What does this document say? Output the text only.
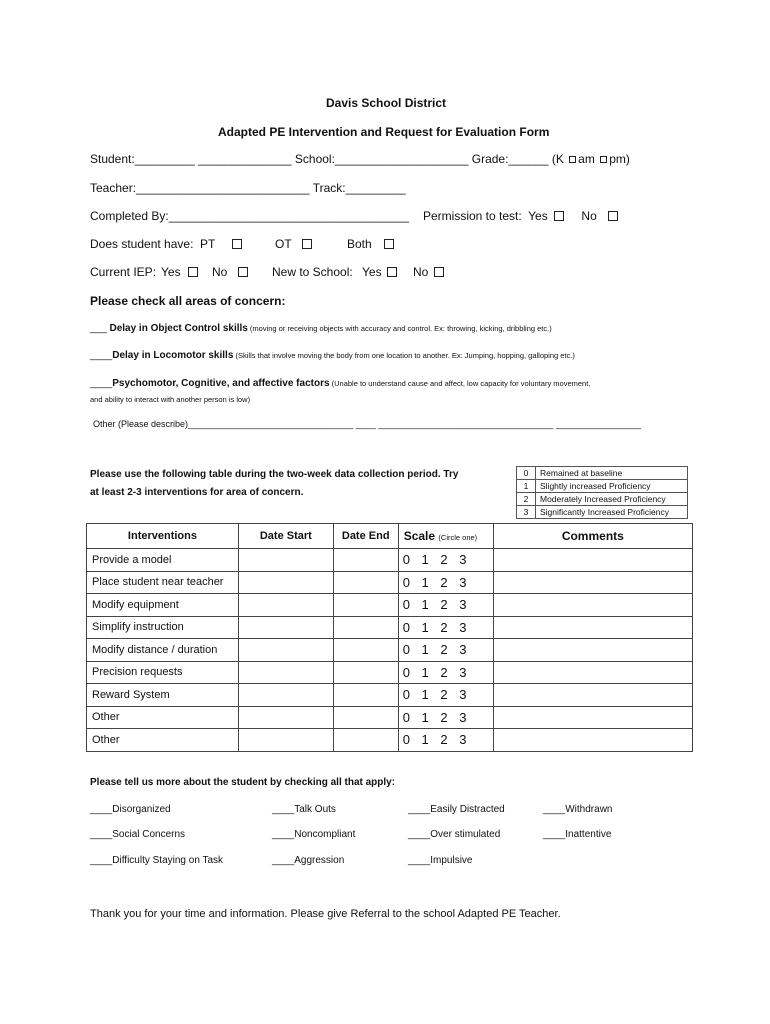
Davis School District
Adapted PE Intervention and Request for Evaluation Form
Student:_________ ______________ School:____________________ Grade:______ (K am pm)
Teacher:__________________________ Track:_________
Completed By:____________________________________ Permission to test: Yes	No
Does student have: PT	OT	Both
Current IEP: Yes	No	New to School: Yes	No
Please check all areas of concern:
___ Delay in Object Control skills (moving or receiving objects with accuracy and control. Ex: throwing, kicking, dribbling etc.)
____Delay in Locomotor skills (Skills that involve moving the body from one location to another. Ex: Jumping, hopping, galloping etc.)
____Psychomotor, Cognitive, and affective factors (Unable to understand cause and affect, low capacity for voluntary movement,
and ability to interact with another person is low)
Other (Please describe)_________________________________ ____ ___________________________________ _________________
Please use the following table during the two-week data collection period. Try
at least 2-3 interventions for area of concern.
0	Remained at baseline
1	Slightly increased Proficiency
2	Moderately Increased Proficiency
3	Significantly Increased Proficiency
Interventions	Date Start	Date End	Scale (Circle one)	Comments
Provide a model			0 1 2 3	
Place student near teacher			0 1 2 3	
Modify equipment			0 1 2 3	
Simplify instruction			0 1 2 3	
Modify distance / duration			0 1 2 3	
Precision requests			0 1 2 3	
Reward System			0 1 2 3	
Other			0 1 2 3	
Other			0 1 2 3	
Please tell us more about the student by checking all that apply:
____Disorganized	____Talk Outs	____Easily Distracted	____Withdrawn
____Social Concerns	____Noncompliant	____Over stimulated	____Inattentive
____Difficulty Staying on Task	____Aggression	____Impulsive
Thank you for your time and information. Please give Referral to the school Adapted PE Teacher.
